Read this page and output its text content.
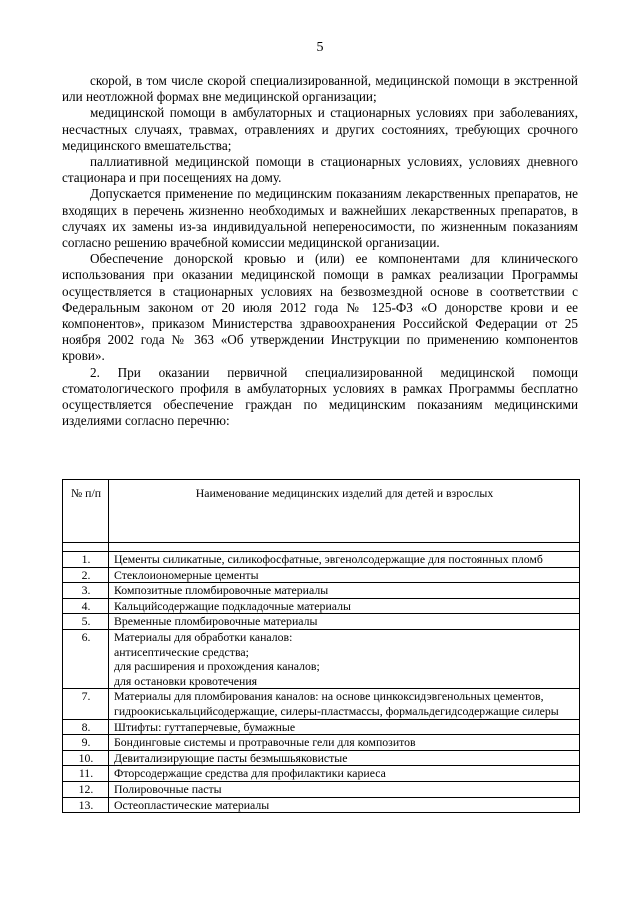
5

скорой, в том числе скорой специализированной, медицинской помощи в экстренной или неотложной формах вне медицинской организации;

медицинской помощи в амбулаторных и стационарных условиях при заболеваниях, несчастных случаях, травмах, отравлениях и других состояниях, требующих срочного медицинского вмешательства;

паллиативной медицинской помощи в стационарных условиях, условиях дневного стационара и при посещениях на дому.

Допускается применение по медицинским показаниям лекарственных препаратов, не входящих в перечень жизненно необходимых и важнейших лекарственных препаратов, в случаях их замены из-за индивидуальной непереносимости, по жизненным показаниям согласно решению врачебной комиссии медицинской организации.

Обеспечение донорской кровью и (или) ее компонентами для клинического использования при оказании медицинской помощи в рамках реализации Программы осуществляется в стационарных условиях на безвозмездной основе в соответствии с Федеральным законом от 20 июля 2012 года № 125-ФЗ «О донорстве крови и ее компонентов», приказом Министерства здравоохранения Российской Федерации от 25 ноября 2002 года № 363 «Об утверждении Инструкции по применению компонентов крови».

2. При оказании первичной специализированной медицинской помощи стоматологического профиля в амбулаторных условиях в рамках Программы бесплатно осуществляется обеспечение граждан по медицинским показаниям медицинскими изделиями согласно перечню:

№ п/п	Наименование медицинских изделий для детей и взрослых

1.	Цементы силикатные, силикофосфатные, эвгенолсодержащие для постоянных пломб
2.	Стеклоиономерные цементы
3.	Композитные пломбировочные материалы
4.	Кальцийсодержащие подкладочные материалы
5.	Временные пломбировочные материалы
6.	Материалы для обработки каналов:
антисептические средства;
для расширения и прохождения каналов;
для остановки кровотечения

7.	Материалы для пломбирования каналов: на основе цинкоксидэвгенольных цементов, гидроокиськальцийсодержащие, силеры-пластмассы, формальдегидсодержащие силеры
8.	Штифты: гуттаперчевые, бумажные
9.	Бондинговые системы и протравочные гели для композитов
10.	Девитализирующие пасты безмышьяковистые
11.	Фторсодержащие средства для профилактики кариеса
12.	Полировочные пасты
13.	Остеопластические материалы
